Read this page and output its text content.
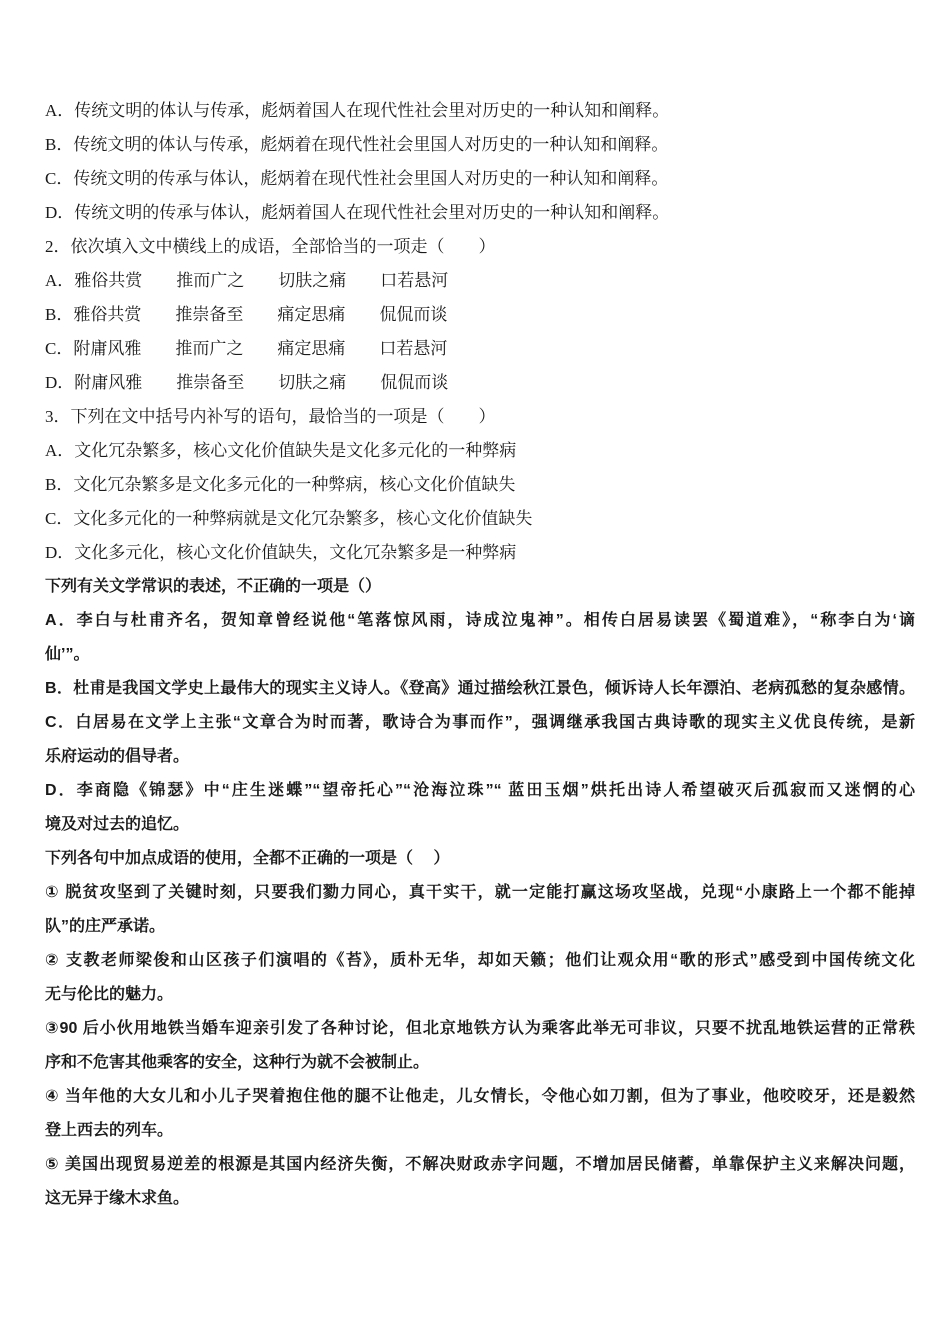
A．传统文明的体认与传承，彪炳着国人在现代性社会里对历史的一种认知和阐释。

B．传统文明的体认与传承，彪炳着在现代性社会里国人对历史的一种认知和阐释。

C．传统文明的传承与体认，彪炳着在现代性社会里国人对历史的一种认知和阐释。

D．传统文明的传承与体认，彪炳着国人在现代性社会里对历史的一种认知和阐释。

2．依次填入文中横线上的成语，全部恰当的一项走（　　）

A．雅俗共赏　　推而广之　　切肤之痛　　口若悬河

B．雅俗共赏　　推崇备至　　痛定思痛　　侃侃而谈

C．附庸风雅　　推而广之　　痛定思痛　　口若悬河

D．附庸风雅　　推崇备至　　切肤之痛　　侃侃而谈

3．下列在文中括号内补写的语句，最恰当的一项是（　　）

A．文化冗杂繁多，核心文化价值缺失是文化多元化的一种弊病

B．文化冗杂繁多是文化多元化的一种弊病，核心文化价值缺失

C．文化多元化的一种弊病就是文化冗杂繁多，核心文化价值缺失

D．文化多元化，核心文化价值缺失，文化冗杂繁多是一种弊病

下列有关文学常识的表述，不正确的一项是（）

A．李白与杜甫齐名，贺知章曾经说他“笔落惊风雨，诗成泣鬼神”。相传白居易读罢《蜀道难》，“称李白为‘谪

仙’”。

B．杜甫是我国文学史上最伟大的现实主义诗人。《登高》通过描绘秋江景色，倾诉诗人长年漂泊、老病孤愁的复杂感情。

C．白居易在文学上主张“文章合为时而著，歌诗合为事而作”，强调继承我国古典诗歌的现实主义优良传统，是新

乐府运动的倡导者。

D．李商隐《锦瑟》中“庄生迷蝶”“望帝托心”“沧海泣珠”“ 蓝田玉烟”烘托出诗人希望破灭后孤寂而又迷惘的心

境及对过去的追忆。

下列各句中加点成语的使用，全都不正确的一项是（　 ）

① 脱贫攻坚到了关键时刻，只要我们勠力同心，真干实干，就一定能打赢这场攻坚战，兑现“小康路上一个都不能掉

队”的庄严承诺。

② 支教老师梁俊和山区孩子们演唱的《苔》，质朴无华，却如天籁；他们让观众用“歌的形式”感受到中国传统文化

无与伦比的魅力。

③90 后小伙用地铁当婚车迎亲引发了各种讨论，但北京地铁方认为乘客此举无可非议，只要不扰乱地铁运营的正常秩

序和不危害其他乘客的安全，这种行为就不会被制止。

④ 当年他的大女儿和小儿子哭着抱住他的腿不让他走，儿女情长，令他心如刀割，但为了事业，他咬咬牙，还是毅然

登上西去的列车。

⑤ 美国出现贸易逆差的根源是其国内经济失衡，不解决财政赤字问题，不增加居民储蓄，单靠保护主义来解决问题，

这无异于缘木求鱼。
